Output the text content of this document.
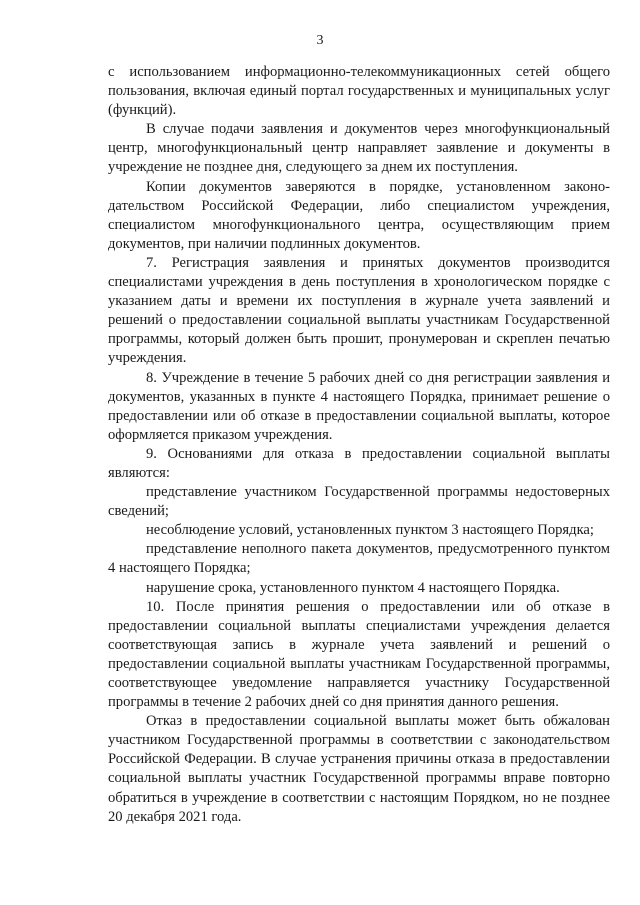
3

с использованием информационно-телекоммуникационных сетей общего пользования, включая единый портал государственных и муниципальных услуг (функций).

В случае подачи заявления и документов через многофункциональный центр, многофункциональный центр направляет заявление и документы в учреждение не позднее дня, следующего за днем их поступления.

Копии документов заверяются в порядке, установленном законодательством Российской Федерации, либо специалистом учреждения, специалистом многофункционального центра, осуществляющим прием документов, при наличии подлинных документов.

7. Регистрация заявления и принятых документов производится специалистами учреждения в день поступления в хронологическом порядке с указанием даты и времени их поступления в журнале учета заявлений и решений о предоставлении социальной выплаты участникам Государственной программы, который должен быть прошит, пронумерован и скреплен печатью учреждения.

8. Учреждение в течение 5 рабочих дней со дня регистрации заявления и документов, указанных в пункте 4 настоящего Порядка, принимает решение о предоставлении или об отказе в предоставлении социальной выплаты, которое оформляется приказом учреждения.

9. Основаниями для отказа в предоставлении социальной выплаты являются:

представление участником Государственной программы недостоверных сведений;

несоблюдение условий, установленных пунктом 3 настоящего Порядка;

представление неполного пакета документов, предусмотренного пунктом 4 настоящего Порядка;

нарушение срока, установленного пунктом 4 настоящего Порядка.

10. После принятия решения о предоставлении или об отказе в предоставлении социальной выплаты специалистами учреждения делается соответствующая запись в журнале учета заявлений и решений о предоставлении социальной выплаты участникам Государственной программы, соответствующее уведомление направляется участнику Государственной программы в течение 2 рабочих дней со дня принятия данного решения.

Отказ в предоставлении социальной выплаты может быть обжалован участником Государственной программы в соответствии с законодательством Российской Федерации. В случае устранения причины отказа в предоставлении социальной выплаты участник Государственной программы вправе повторно обратиться в учреждение в соответствии с настоящим Порядком, но не позднее 20 декабря 2021 года.
